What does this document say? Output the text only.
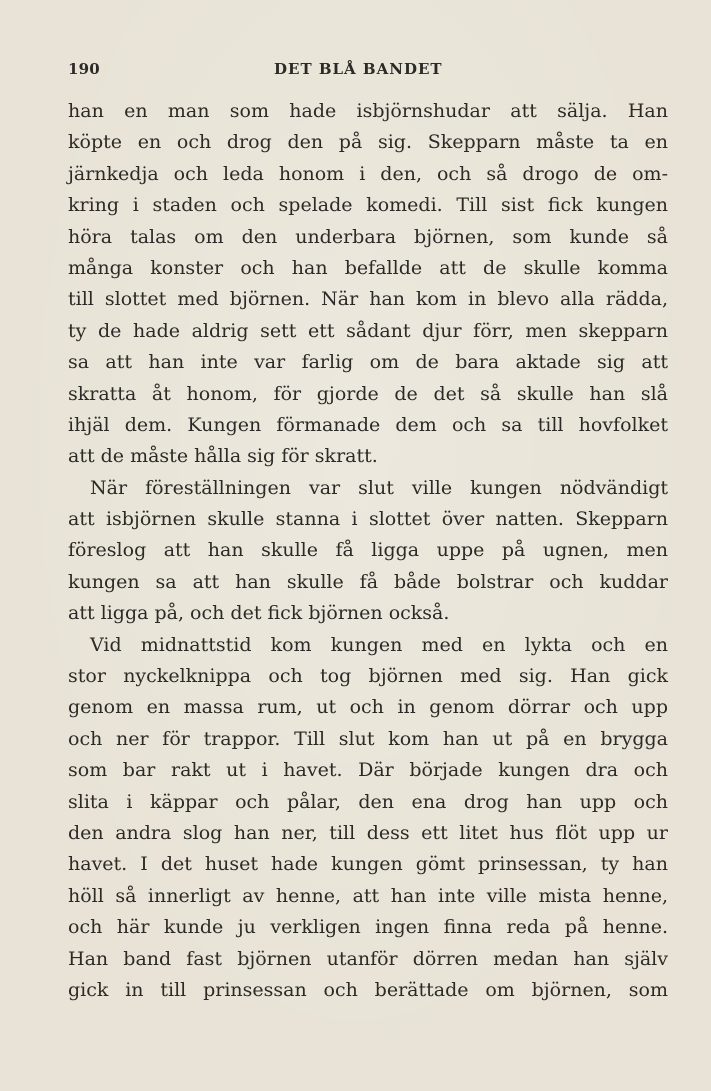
190	DET BLÅ BANDET
han en man som hade isbjörnshudar att sälja. Han
köpte en och drog den på sig. Skepparn måste ta en
järnkedja och leda honom i den, och så drogo de om-
kring i staden och spelade komedi. Till sist fick kungen
höra talas om den underbara björnen, som kunde så
många konster och han befallde att de skulle komma
till slottet med björnen. När han kom in blevo alla rädda,
ty de hade aldrig sett ett sådant djur förr, men skepparn
sa att han inte var farlig om de bara aktade sig att
skratta åt honom, för gjorde de det så skulle han slå
ihjäl dem. Kungen förmanade dem och sa till hovfolket
att de måste hålla sig för skratt.
När föreställningen var slut ville kungen nödvändigt
att isbjörnen skulle stanna i slottet över natten. Skepparn
föreslog att han skulle få ligga uppe på ugnen, men
kungen sa att han skulle få både bolstrar och kuddar
att ligga på, och det fick björnen också.
Vid midnattstid kom kungen med en lykta och en
stor nyckelknippa och tog björnen med sig. Han gick
genom en massa rum, ut och in genom dörrar och upp
och ner för trappor. Till slut kom han ut på en brygga
som bar rakt ut i havet. Där började kungen dra och
slita i käppar och pålar, den ena drog han upp och
den andra slog han ner, till dess ett litet hus flöt upp ur
havet. I det huset hade kungen gömt prinsessan, ty han
höll så innerligt av henne, att han inte ville mista henne,
och här kunde ju verkligen ingen finna reda på henne.
Han band fast björnen utanför dörren medan han själv
gick in till prinsessan och berättade om björnen, som
